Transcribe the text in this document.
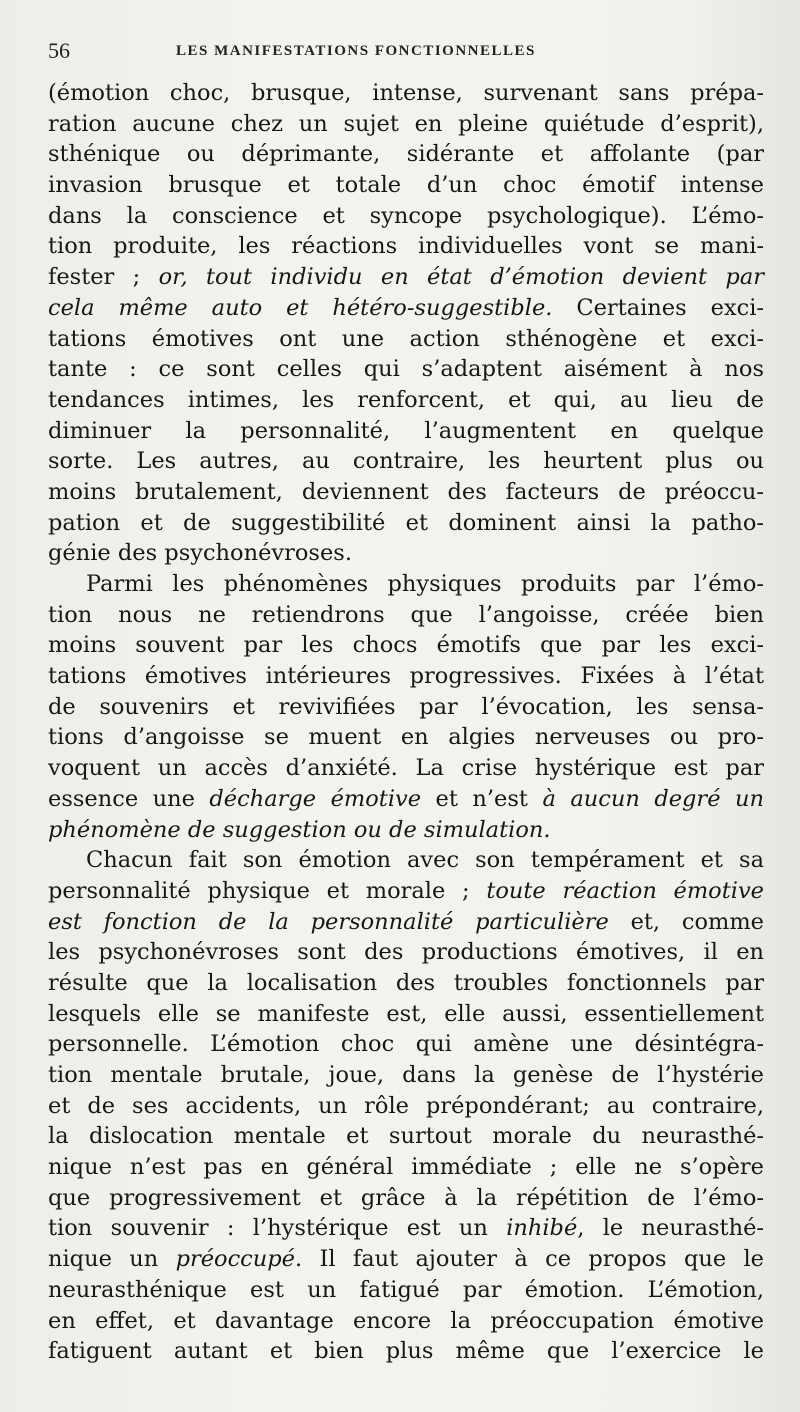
56	LES MANIFESTATIONS FONCTIONNELLES
(émotion choc, brusque, intense, survenant sans prépa-
ration aucune chez un sujet en pleine quiétude d’esprit),
sthénique ou déprimante, sidérante et affolante (par
invasion brusque et totale d’un choc émotif intense
dans la conscience et syncope psychologique). L’émo-
tion produite, les réactions individuelles vont se mani-
fester ; or, tout individu en état d’émotion devient par
cela même auto et hétéro-suggestible. Certaines exci-
tations émotives ont une action sthénogène et exci-
tante : ce sont celles qui s’adaptent aisément à nos
tendances intimes, les renforcent, et qui, au lieu de
diminuer la personnalité, l’augmentent en quelque
sorte. Les autres, au contraire, les heurtent plus ou
moins brutalement, deviennent des facteurs de préoccu-
pation et de suggestibilité et dominent ainsi la patho-
génie des psychonévroses.
Parmi les phénomènes physiques produits par l’émo-
tion nous ne retiendrons que l’angoisse, créée bien
moins souvent par les chocs émotifs que par les exci-
tations émotives intérieures progressives. Fixées à l’état
de souvenirs et revivifiées par l’évocation, les sensa-
tions d’angoisse se muent en algies nerveuses ou pro-
voquent un accès d’anxiété. La crise hystérique est par
essence une décharge émotive et n’est à aucun degré un
phénomène de suggestion ou de simulation.
Chacun fait son émotion avec son tempérament et sa
personnalité physique et morale ; toute réaction émotive
est fonction de la personnalité particulière et, comme
les psychonévroses sont des productions émotives, il en
résulte que la localisation des troubles fonctionnels par
lesquels elle se manifeste est, elle aussi, essentiellement
personnelle. L’émotion choc qui amène une désintégra-
tion mentale brutale, joue, dans la genèse de l’hystérie
et de ses accidents, un rôle prépondérant; au contraire,
la dislocation mentale et surtout morale du neurasthé-
nique n’est pas en général immédiate ; elle ne s’opère
que progressivement et grâce à la répétition de l’émo-
tion souvenir : l’hystérique est un inhibé, le neurasthé-
nique un préoccupé. Il faut ajouter à ce propos que le
neurasthénique est un fatigué par émotion. L’émotion,
en effet, et davantage encore la préoccupation émotive
fatiguent autant et bien plus même que l’exercice le
